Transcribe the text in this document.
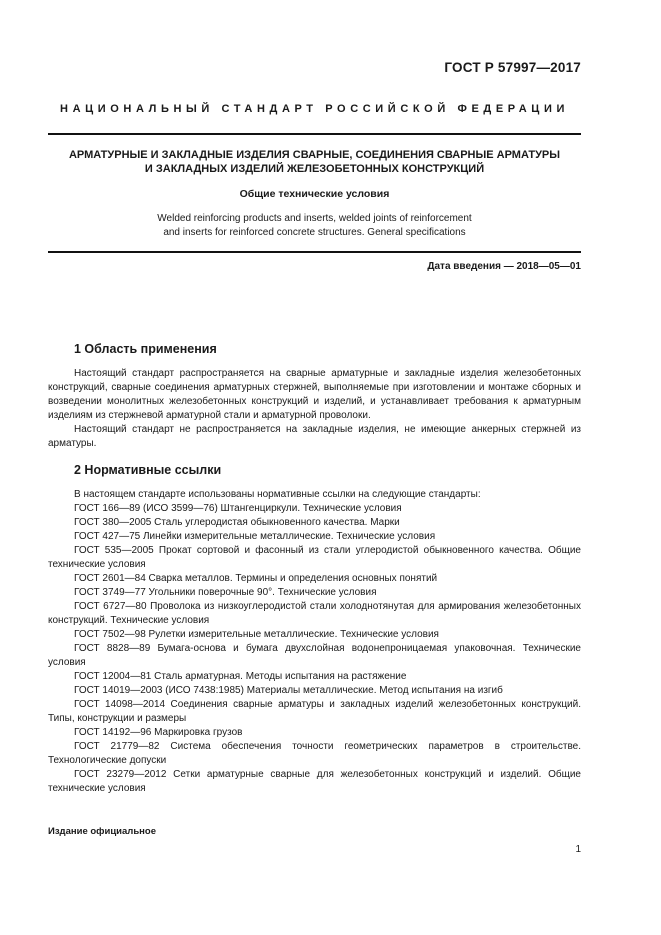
ГОСТ Р 57997—2017
НАЦИОНАЛЬНЫЙ СТАНДАРТ РОССИЙСКОЙ ФЕДЕРАЦИИ
АРМАТУРНЫЕ И ЗАКЛАДНЫЕ ИЗДЕЛИЯ СВАРНЫЕ, СОЕДИНЕНИЯ СВАРНЫЕ АРМАТУРЫ
И ЗАКЛАДНЫХ ИЗДЕЛИЙ ЖЕЛЕЗОБЕТОННЫХ КОНСТРУКЦИЙ
Общие технические условия
Welded reinforcing products and inserts, welded joints of reinforcement
and inserts for reinforced concrete structures. General specifications
Дата введения — 2018—05—01
1 Область применения

Настоящий стандарт распространяется на сварные арматурные и закладные изделия железобетонных конструкций, сварные соединения арматурных стержней, выполняемые при изготовлении и монтаже сборных и возведении монолитных железобетонных конструкций и изделий, и устанавливает требования к арматурным изделиям из стержневой арматурной стали и арматурной проволоки.

Настоящий стандарт не распространяется на закладные изделия, не имеющие анкерных стержней из арматуры.

2 Нормативные ссылки

В настоящем стандарте использованы нормативные ссылки на следующие стандарты:

ГОСТ 166—89 (ИСО 3599—76) Штангенциркули. Технические условия

ГОСТ 380—2005 Сталь углеродистая обыкновенного качества. Марки

ГОСТ 427—75 Линейки измерительные металлические. Технические условия

ГОСТ 535—2005 Прокат сортовой и фасонный из стали углеродистой обыкновенного качества. Общие технические условия

ГОСТ 2601—84 Сварка металлов. Термины и определения основных понятий

ГОСТ 3749—77 Угольники поверочные 90°. Технические условия

ГОСТ 6727—80 Проволока из низкоуглеродистой стали холоднотянутая для армирования железобетонных конструкций. Технические условия

ГОСТ 7502—98 Рулетки измерительные металлические. Технические условия

ГОСТ 8828—89 Бумага-основа и бумага двухслойная водонепроницаемая упаковочная. Технические условия

ГОСТ 12004—81 Сталь арматурная. Методы испытания на растяжение

ГОСТ 14019—2003 (ИСО 7438:1985) Материалы металлические. Метод испытания на изгиб

ГОСТ 14098—2014 Соединения сварные арматуры и закладных изделий железобетонных конструкций. Типы, конструкции и размеры

ГОСТ 14192—96 Маркировка грузов

ГОСТ 21779—82 Система обеспечения точности геометрических параметров в строительстве. Технологические допуски

ГОСТ 23279—2012 Сетки арматурные сварные для железобетонных конструкций и изделий. Общие технические условия

Издание официальное
1
